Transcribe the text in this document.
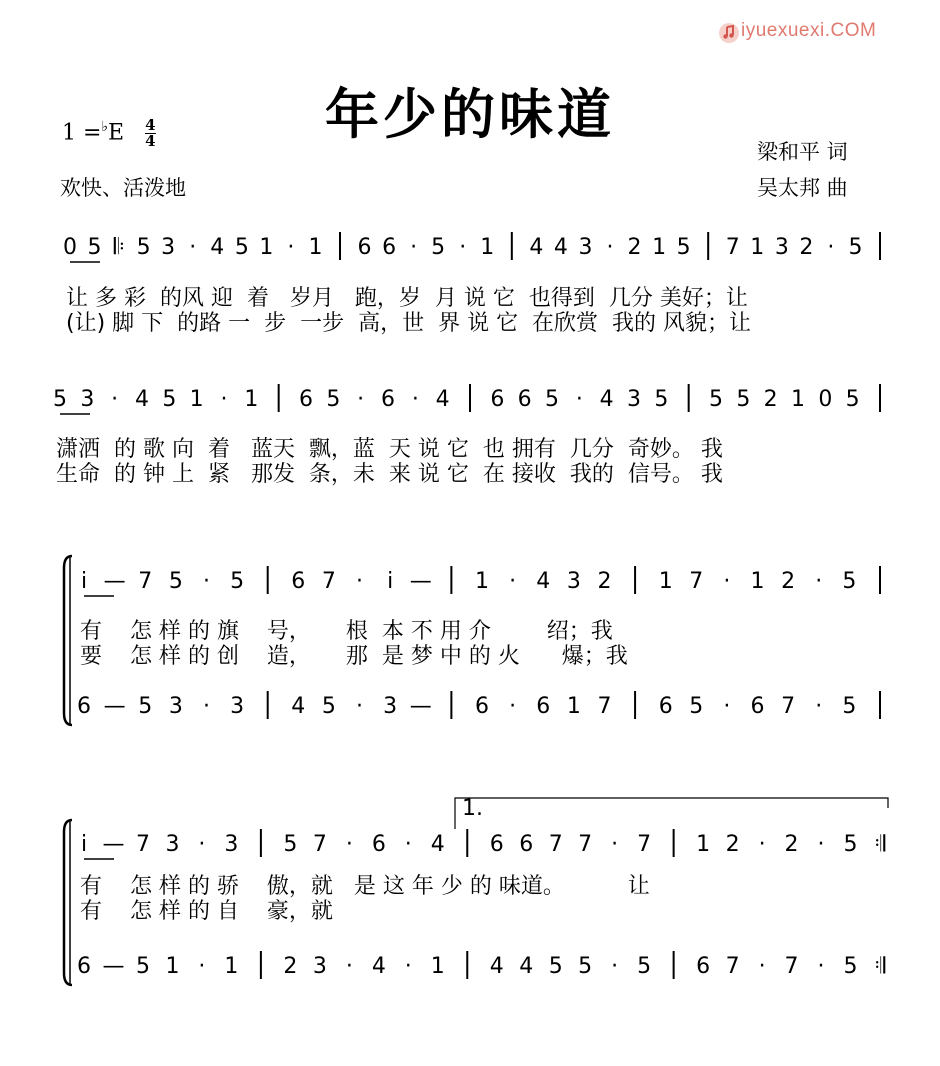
iyuexuexi.COM
年少的味道
$1 =^♭E \frac{4}{4}$
欢快、活泼地
梁和平 词
吴太邦 曲
0 5 𝄆 5 3 · 4 5 1 · 1 6 6 · 5 · 1 4 4 3 · 2 1 5 7 1 3 2 · 5
让 多 彩  的风 迎  着   岁月   跑，岁  月 说 它  也得到  几分 美好；让
(让) 脚 下  的路 一  步  一步  高，世  界 说 它  在欣赏  我的 风貌；让
5 3 · 4 5 1 · 1 6 5 · 6 · 4 6 6 5 · 4 3 5 5 5 2 1 0 5
潇洒  的 歌 向  着   蓝天  飘，蓝  天 说 它  也 拥有  几分  奇妙。 我
生命  的 钟 上  紧   那发  条，未  来 说 它  在 接收  我的  信号。 我
i — 7 5 · 5 6 7 · i — 1 · 4 3 2 1 7 · 1 2 · 5
有    怎 样 的 旗    号，     根  本 不 用 介        绍；我
要    怎 样 的 创    造，     那  是 梦 中 的 火      爆；我
6 — 5 3 · 3 4 5 · 3 — 6 · 6 1 7 6 5 · 6 7 · 5
i — 7 3 · 3 5 7 · 6 · 4 6 6 7 7 · 7 1 2 · 2 · 5 𝄇
有    怎 样 的 骄    傲，就   是 这 年 少 的 味道。         让
有    怎 样 的 自    豪，就
6 — 5 1 · 1 2 3 · 4 · 1 4 4 5 5 · 5 6 7 · 7 · 5 𝄇
1.
